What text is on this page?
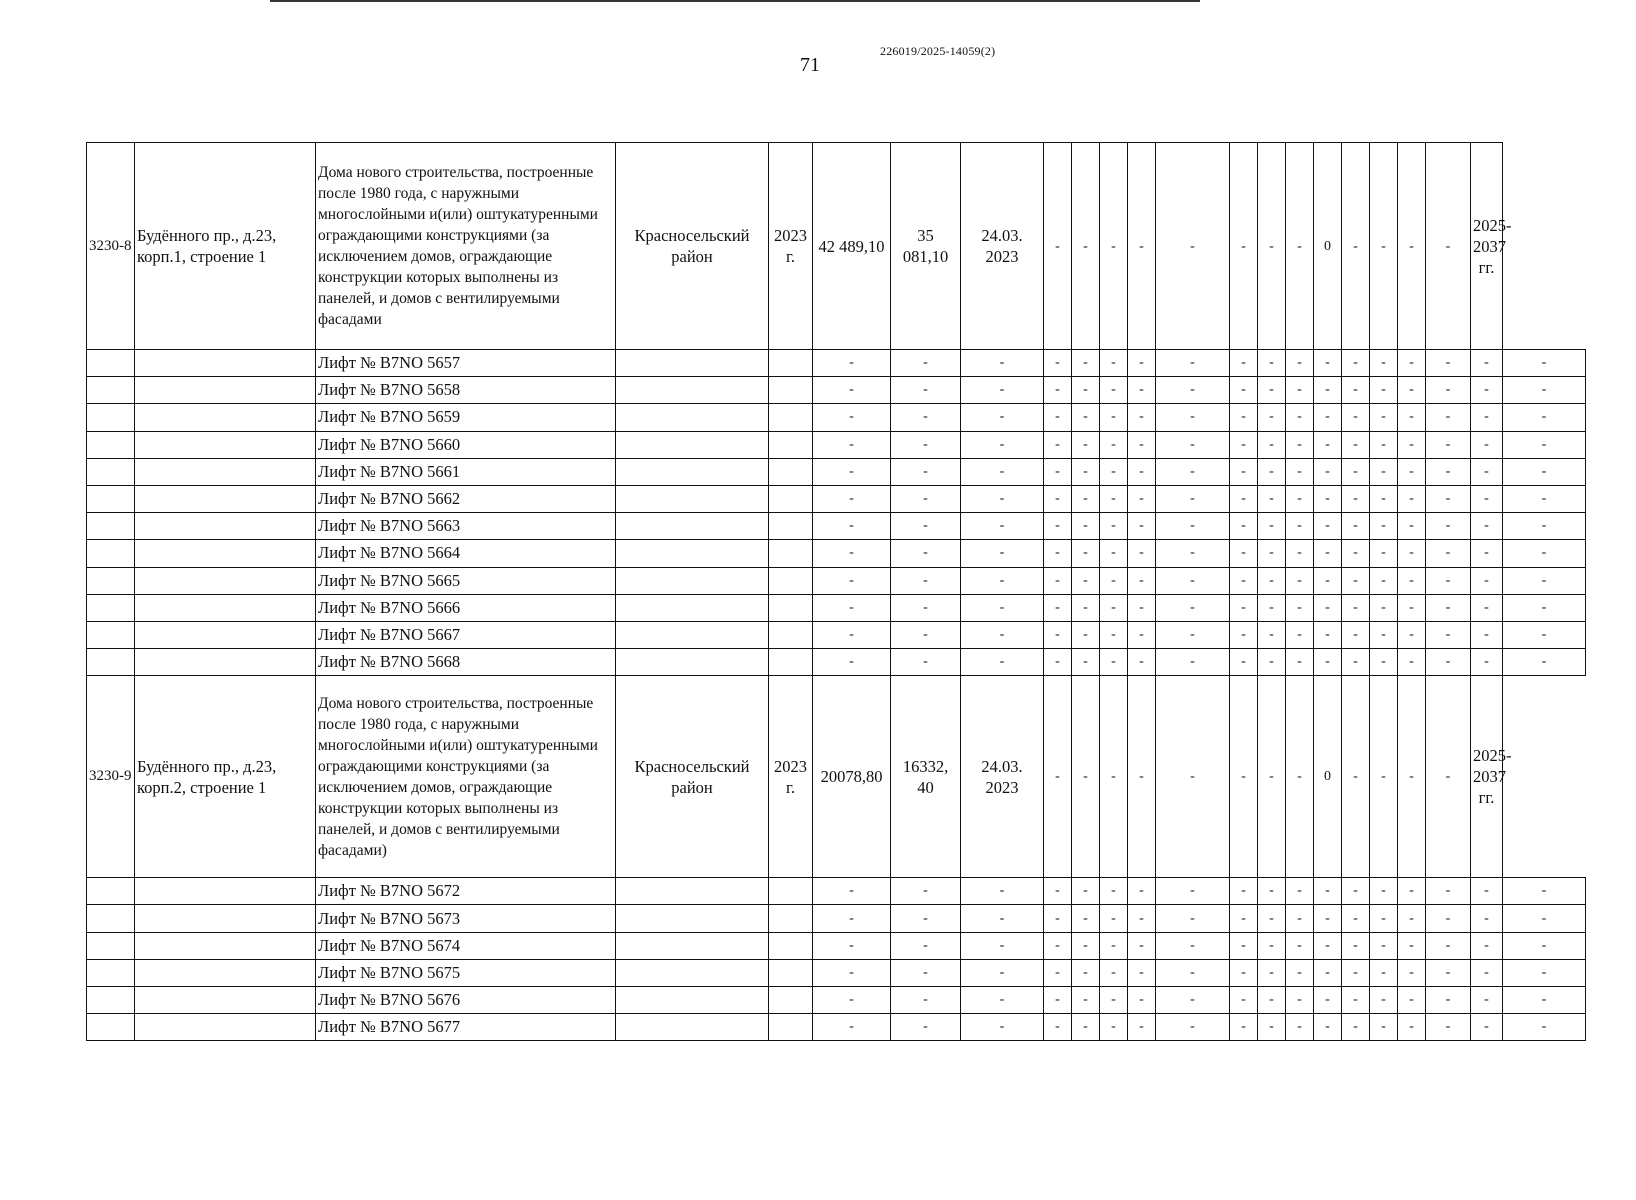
71
226019/2025-14059(2)
3230-8	Будённого пр., д.23, корп.1, строение 1	Дома нового строительства, построенные после 1980 года, с наружными многослойными и(или) оштукатуренными ограждающими конструкциями (за исключением домов, ограждающие конструкции которых выполнены из панелей, и домов с вентилируемыми фасадами	Красносельский район	2023 г.	42 489,10	35 081,10	24.03. 2023	-	-	-	-	-	-	-	-	0	-	-	-	-	2025- 2037 гг.	
		Лифт № B7NO 5657			-	-	-	-	-	-	-	-	-	-	-	-	-	-	-	-	-	-
		Лифт № B7NO 5658			-	-	-	-	-	-	-	-	-	-	-	-	-	-	-	-	-	-
		Лифт № B7NO 5659			-	-	-	-	-	-	-	-	-	-	-	-	-	-	-	-	-	-
		Лифт № B7NO 5660			-	-	-	-	-	-	-	-	-	-	-	-	-	-	-	-	-	-
		Лифт № B7NO 5661			-	-	-	-	-	-	-	-	-	-	-	-	-	-	-	-	-	-
		Лифт № B7NO 5662			-	-	-	-	-	-	-	-	-	-	-	-	-	-	-	-	-	-
		Лифт № B7NO 5663			-	-	-	-	-	-	-	-	-	-	-	-	-	-	-	-	-	-
		Лифт № B7NO 5664			-	-	-	-	-	-	-	-	-	-	-	-	-	-	-	-	-	-
		Лифт № B7NO 5665			-	-	-	-	-	-	-	-	-	-	-	-	-	-	-	-	-	-
		Лифт № B7NO 5666			-	-	-	-	-	-	-	-	-	-	-	-	-	-	-	-	-	-
		Лифт № B7NO 5667			-	-	-	-	-	-	-	-	-	-	-	-	-	-	-	-	-	-
		Лифт № B7NO 5668			-	-	-	-	-	-	-	-	-	-	-	-	-	-	-	-	-	-
3230-9	Будённого пр., д.23, корп.2, строение 1	Дома нового строительства, построенные после 1980 года, с наружными многослойными и(или) оштукатуренными ограждающими конструкциями (за исключением домов, ограждающие конструкции которых выполнены из панелей, и домов с вентилируемыми фасадами)	Красносельский район	2023 г.	20078,80	16332, 40	24.03. 2023	-	-	-	-	-	-	-	-	0	-	-	-	-	2025- 2037 гг.	
		Лифт № B7NO 5672			-	-	-	-	-	-	-	-	-	-	-	-	-	-	-	-	-	-
		Лифт № B7NO 5673			-	-	-	-	-	-	-	-	-	-	-	-	-	-	-	-	-	-
		Лифт № B7NO 5674			-	-	-	-	-	-	-	-	-	-	-	-	-	-	-	-	-	-
		Лифт № B7NO 5675			-	-	-	-	-	-	-	-	-	-	-	-	-	-	-	-	-	-
		Лифт № B7NO 5676			-	-	-	-	-	-	-	-	-	-	-	-	-	-	-	-	-	-
		Лифт № B7NO 5677			-	-	-	-	-	-	-	-	-	-	-	-	-	-	-	-	-	-
